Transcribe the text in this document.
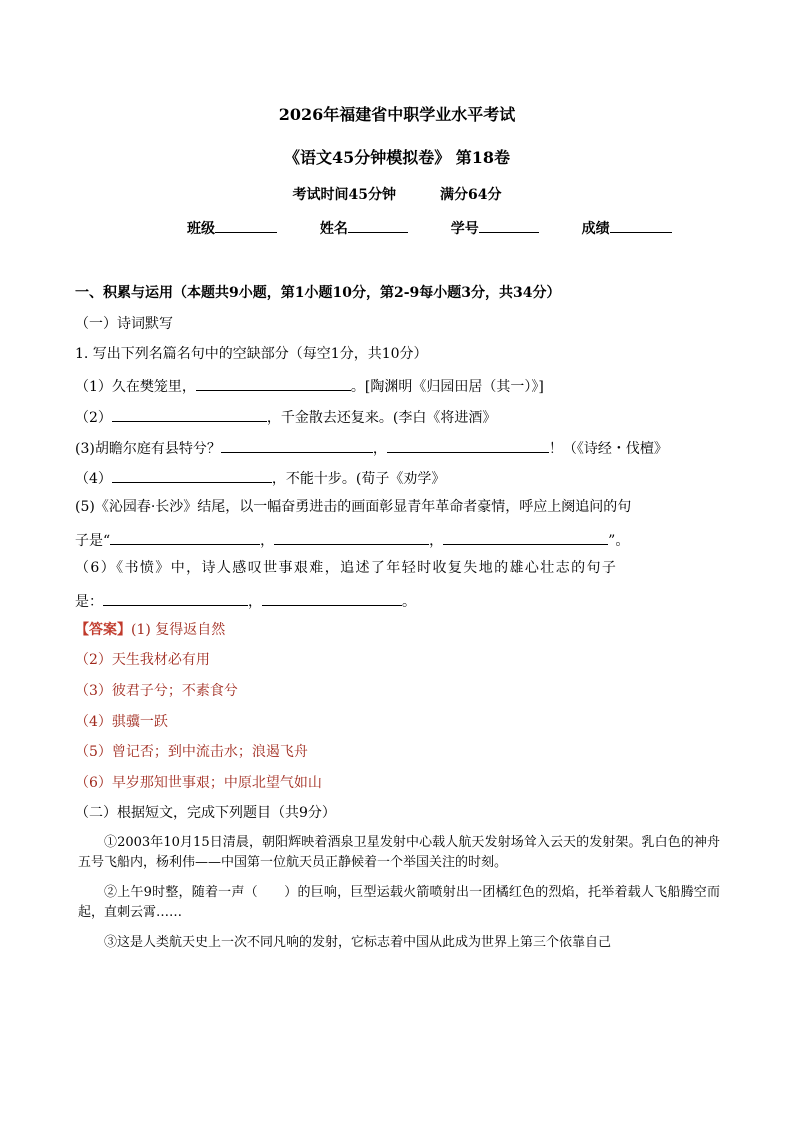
2026年福建省中职学业水平考试
《语文45分钟模拟卷》 第18卷
考试时间45分钟	满分64分
班级	姓名	学号	成绩
一、积累与运用（本题共9小题，第1小题10分，第2-9每小题3分，共34分）
（一）诗词默写
1. 写出下列名篇名句中的空缺部分（每空1分，共10分）
（1）久在樊笼里，	。[陶渊明《归园田居（其一）》]
（2）	，千金散去还复来。(李白《将进酒》
(3)胡瞻尔庭有县特兮？	，	！（《诗经・伐檀》
（4）	，不能十步。(荀子《劝学》
(5)《沁园春·长沙》结尾，以一幅奋勇进击的画面彰显青年革命者豪情，呼应上阕追问的句
子是“	，	，	”。
（6）《书愤》中，诗人感叹世事艰难，追述了年轻时收复失地的雄心壮志的句子
是：	，	。
【答案】(1) 复得返自然
（2）天生我材必有用
（3）彼君子兮；不素食兮
（4）骐骥一跃
（5）曾记否；到中流击水；浪遏飞舟
（6）早岁那知世事艰；中原北望气如山
（二）根据短文，完成下列题目（共9分）

①2003年10月15日清晨，朝阳辉映着酒泉卫星发射中心载人航天发射场耸入云天的发射架。乳白色的神舟五号飞船内，杨利伟——中国第一位航天员正静候着一个举国关注的时刻。

②上午9时整，随着一声（　　）的巨响，巨型运载火箭喷射出一团橘红色的烈焰，托举着载人飞船腾空而起，直刺云霄……

③这是人类航天史上一次不同凡响的发射，它标志着中国从此成为世界上第三个依靠自己
